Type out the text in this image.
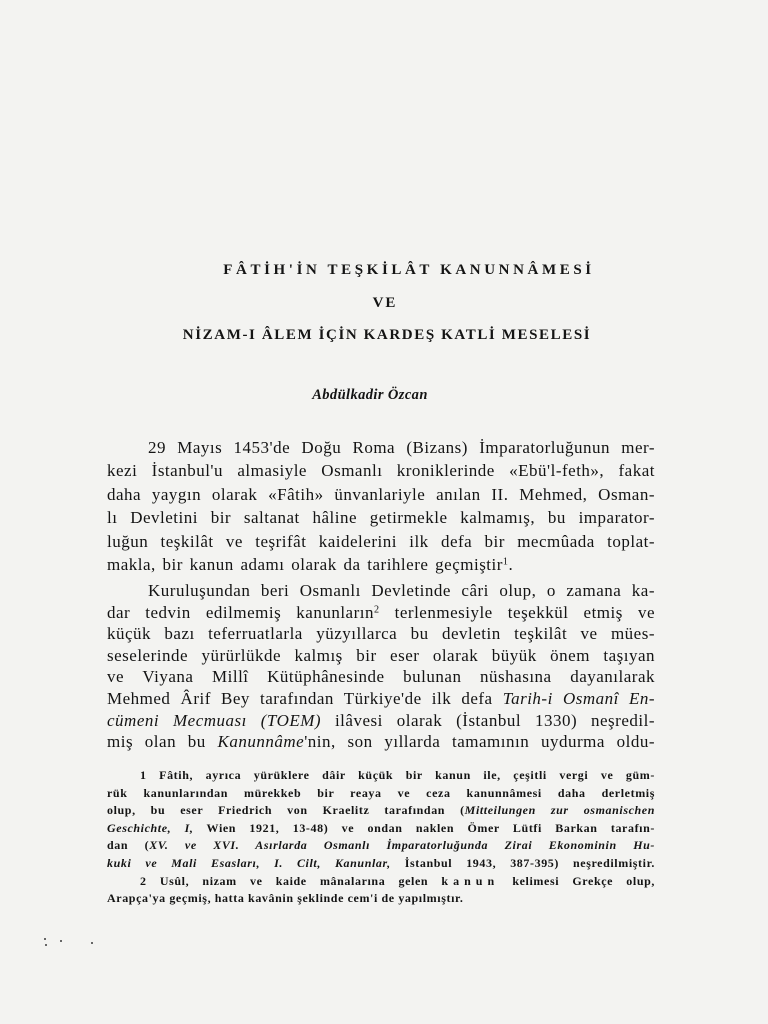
FÂTİH'İN TEŞKİLÂT KANUNNÂMESİ
VE
NİZAM-I ÂLEM İÇİN KARDEŞ KATLİ MESELESİ
Abdülkadir Özcan
29 Mayıs 1453'de Doğu Roma (Bizans) İmparatorluğunun mer-
kezi İstanbul'u almasiyle Osmanlı kroniklerinde «Ebü'l-feth», fakat
daha yaygın olarak «Fâtih» ünvanlariyle anılan II. Mehmed, Osman-
lı Devletini bir saltanat hâline getirmekle kalmamış, bu imparator-
luğun teşkilât ve teşrifât kaidelerini ilk defa bir mecmûada toplat-
makla, bir kanun adamı olarak da tarihlere geçmiştir$^1$.
Kuruluşundan beri Osmanlı Devletinde câri olup, o zamana ka-
dar tedvin edilmemiş kanunların$^2$ terlenmesiyle teşekkül etmiş ve
küçük bazı teferruatlarla yüzyıllarca bu devletin teşkilât ve mües-
seselerinde yürürlükde kalmış bir eser olarak büyük önem taşıyan
ve Viyana Millî Kütüphânesinde bulunan nüshasına dayanılarak
Mehmed Ârif Bey tarafından Türkiye'de ilk defa Tarih-i Osmanî En-
cümeni Mecmuası (TOEM) ilâvesi olarak (İstanbul 1330) neşredil-
miş olan bu Kanunnâme'nin, son yıllarda tamamının uydurma oldu-
1 Fâtih, ayrıca yürüklere dâir küçük bir kanun ile, çeşitli vergi ve güm-
rük kanunlarından mürekkeb bir reaya ve ceza kanunnâmesi daha derletmiş
olup, bu eser Friedrich von Kraelitz tarafından (Mitteilungen zur osmanischen
Geschichte, I, Wien 1921, 13-48) ve ondan naklen Ömer Lütfi Barkan tarafın-
dan (XV. ve XVI. Asırlarda Osmanlı İmparatorluğunda Zirai Ekonominin Hu-
kuki ve Mali Esasları, I. Cilt, Kanunlar, İstanbul 1943, 387-395) neşredilmiştir.
2 Usûl, nizam ve kaide mânalarına gelen kanun kelimesi Grekçe olup,
Arapça'ya geçmiş, hatta kavânin şeklinde cem'i de yapılmıştır.
